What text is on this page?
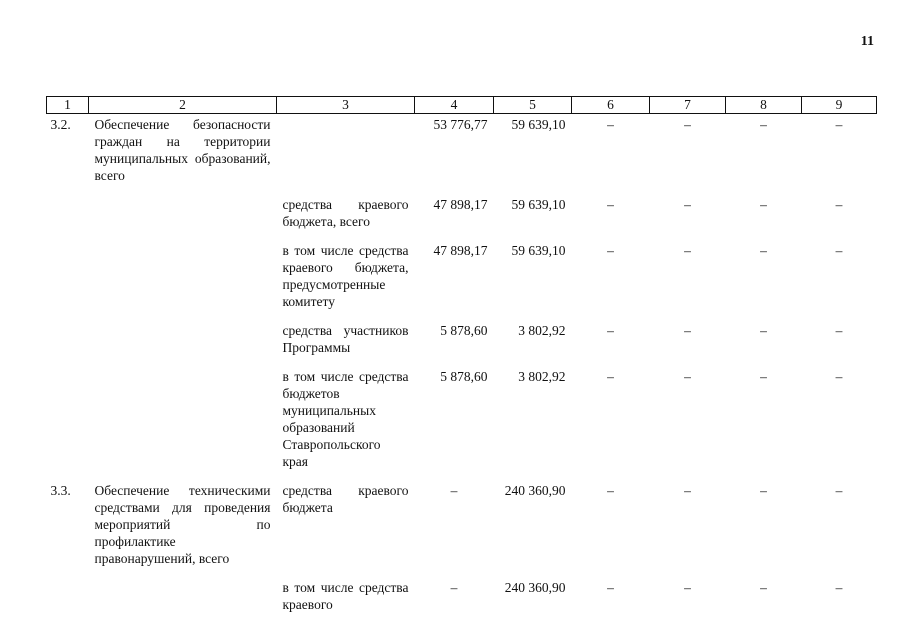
11
1	2	3	4	5	6	7	8	9
3.2.	Обеспечение безопасности граждан на территории муниципальных образований, всего		53 776,77	59 639,10	–	–	–	–

		средства краевого бюджета, всего	47 898,17	59 639,10	–	–	–	–

		в том числе средства краевого бюджета, предусмотренные комитету	47 898,17	59 639,10	–	–	–	–

		средства участников Программы	5 878,60	3 802,92	–	–	–	–

		в том числе средства бюджетов муниципальных образований Ставропольского края	5 878,60	3 802,92	–	–	–	–

3.3.	Обеспечение техническими средствами для проведения мероприятий по профилактике правонарушений, всего	средства краевого бюджета	–	240 360,90	–	–	–	–

		в том числе средства краевого	–	240 360,90	–	–	–	–
